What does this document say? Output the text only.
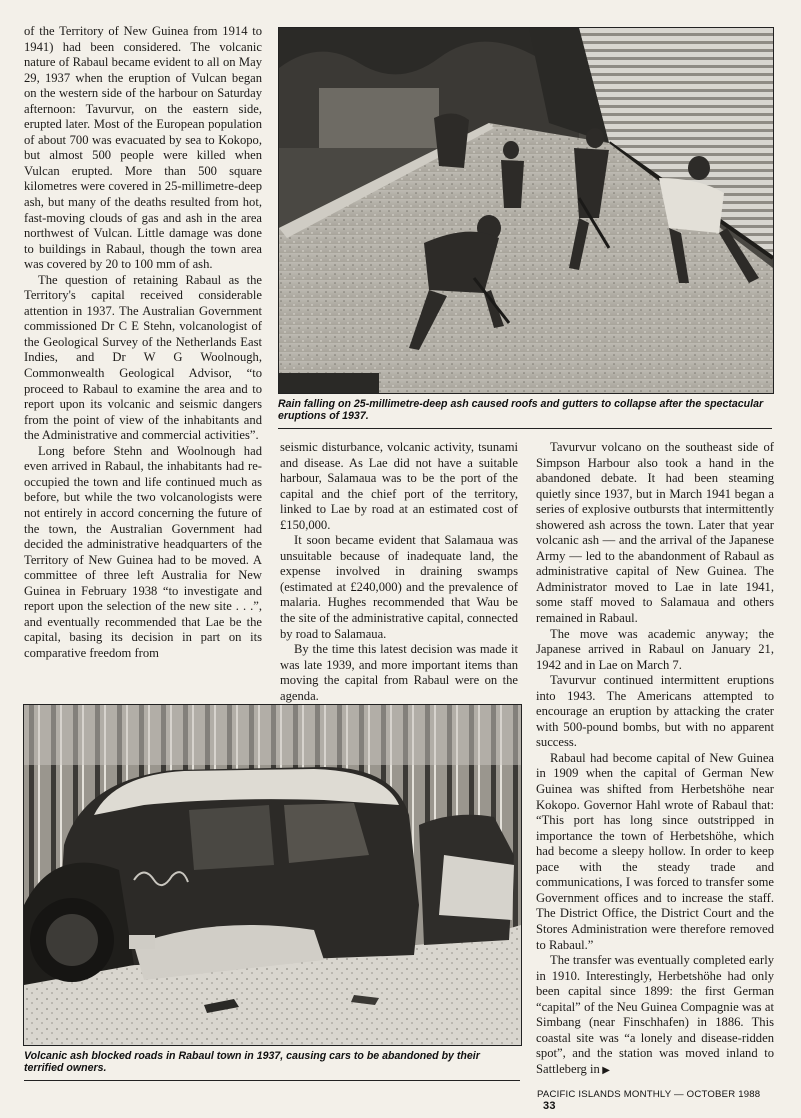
of the Territory of New Guinea from 1914 to 1941) had been considered. The volcanic nature of Rabaul became evident to all on May 29, 1937 when the eruption of Vulcan began on the western side of the harbour on Saturday afternoon: Tavurvur, on the eastern side, erupted later. Most of the European population of about 700 was evacuated by sea to Kokopo, but almost 500 people were killed when Vulcan erupted. More than 500 square kilometres were covered in 25-millimetre-deep ash, but many of the deaths resulted from hot, fast-moving clouds of gas and ash in the area northwest of Vulcan. Little damage was done to buildings in Rabaul, though the town area was covered by 20 to 100 mm of ash.

The question of retaining Rabaul as the Territory's capital received considerable attention in 1937. The Australian Government commissioned Dr C E Stehn, volcanologist of the Geological Survey of the Netherlands East Indies, and Dr W G Woolnough, Commonwealth Geological Advisor, “to proceed to Rabaul to examine the area and to report upon its volcanic and seismic dangers from the point of view of the inhabitants and the Administrative and commercial activities”.

Long before Stehn and Woolnough had even arrived in Rabaul, the inhabitants had re-occupied the town and life continued much as before, but while the two volcanologists were not entirely in accord concerning the future of the town, the Australian Government had decided the administrative headquarters of the Territory of New Guinea had to be moved. A committee of three left Australia for New Guinea in February 1938 “to investigate and report upon the selection of the new site . . .”, and eventually recommended that Lae be the capital, basing its decision in part on its comparative freedom from

Rain falling on 25-millimetre-deep ash caused roofs and gutters to collapse after the spectacular eruptions of 1937.

seismic disturbance, volcanic activity, tsunami and disease. As Lae did not have a suitable harbour, Salamaua was to be the port of the capital and the chief port of the territory, linked to Lae by road at an estimated cost of £150,000.

It soon became evident that Salamaua was unsuitable because of inadequate land, the expense involved in draining swamps (estimated at £240,000) and the prevalence of malaria. Hughes recommended that Wau be the site of the administrative capital, connected by road to Salamaua.

By the time this latest decision was made it was late 1939, and more important items than moving the capital from Rabaul were on the agenda.

Tavurvur volcano on the southeast side of Simpson Harbour also took a hand in the abandoned debate. It had been steaming quietly since 1937, but in March 1941 began a series of explosive outbursts that intermittently showered ash across the town. Later that year volcanic ash — and the arrival of the Japanese Army — led to the abandonment of Rabaul as administrative capital of New Guinea. The Administrator moved to Lae in late 1941, some staff moved to Salamaua and others remained in Rabaul.

The move was academic anyway; the Japanese arrived in Rabaul on January 21, 1942 and in Lae on March 7.

Tavurvur continued intermittent eruptions into 1943. The Americans attempted to encourage an eruption by attacking the crater with 500-pound bombs, but with no apparent success.

Rabaul had become capital of New Guinea in 1909 when the capital of German New Guinea was shifted from Herbetshöhe near Kokopo. Governor Hahl wrote of Rabaul that: “This port has long since outstripped in importance the town of Herbetshöhe, which had become a sleepy hollow. In order to keep pace with the steady trade and communications, I was forced to transfer some Government offices and to increase the staff. The District Office, the District Court and the Stores Administration were therefore removed to Rabaul.”

The transfer was eventually completed early in 1910. Interestingly, Herbetshöhe had only been capital since 1899: the first German “capital” of the Neu Guinea Compagnie was at Simbang (near Finschhafen) in 1886. This coastal site was “a lonely and disease-ridden spot”, and the station was moved inland to Sattleberg in ▶

Volcanic ash blocked roads in Rabaul town in 1937, causing cars to be abandoned by their terrified owners.
PACIFIC ISLANDS MONTHLY — OCTOBER 1988 33
